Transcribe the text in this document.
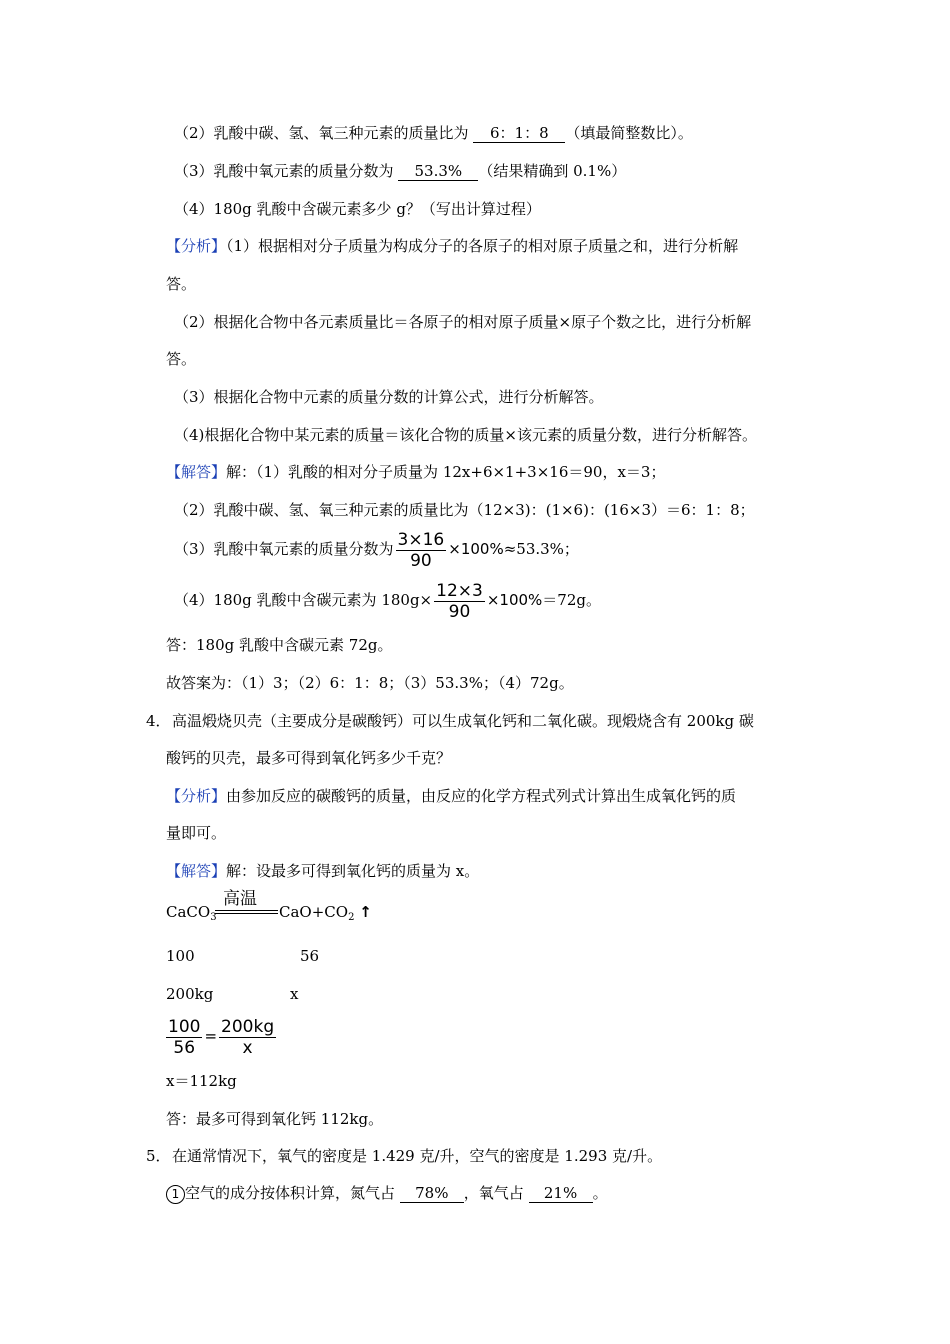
（2）乳酸中碳、氢、氧三种元素的质量比为 6：1：8 （填最简整数比）。
（3）乳酸中氧元素的质量分数为 53.3% （结果精确到 0.1%）
（4）180g 乳酸中含碳元素多少 g？（写出计算过程）
【分析】（1）根据相对分子质量为构成分子的各原子的相对原子质量之和，进行分析解
答。
（2）根据化合物中各元素质量比＝各原子的相对原子质量×原子个数之比，进行分析解
答。
（3）根据化合物中元素的质量分数的计算公式，进行分析解答。
（4)根据化合物中某元素的质量＝该化合物的质量×该元素的质量分数，进行分析解答。
【解答】解：（1）乳酸的相对分子质量为 12x+6×1+3×16＝90，x＝3；
（2）乳酸中碳、氢、氧三种元素的质量比为（12×3)：(1×6)：(16×3）＝6：1：8；
（3）乳酸中氧元素的质量分数为 $\frac{3\times 16}{90} \times 100\%\approx 53.3\%$；
（4）180g 乳酸中含碳元素为 $180g\times \frac{12\times 3}{90} \times 100\%=72g$。
答：180g 乳酸中含碳元素 72g。
故答案为：（1）3；（2）6：1：8；（3）53.3%；（4）72g。
4． 高温煅烧贝壳（主要成分是碳酸钙）可以生成氧化钙和二氧化碳。现煅烧含有 200kg 碳
酸钙的贝壳，最多可得到氧化钙多少千克？
【分析】由参加反应的碳酸钙的质量，由反应的化学方程式列式计算出生成氧化钙的质
量即可。
【解答】解：设最多可得到氧化钙的质量为 x。
高温
CaCO$_3$	$CaO+CO_2$ ↑
100	56
200kg	x
$\frac{100}{56} = \frac{200kg}{x}$
x＝112kg
答：最多可得到氧化钙 112kg。
5． 在通常情况下，氧气的密度是 1.429 克/升，空气的密度是 1.293 克/升。
1 空气的成分按体积计算，氮气占 78% ，氧气占 21% 。
